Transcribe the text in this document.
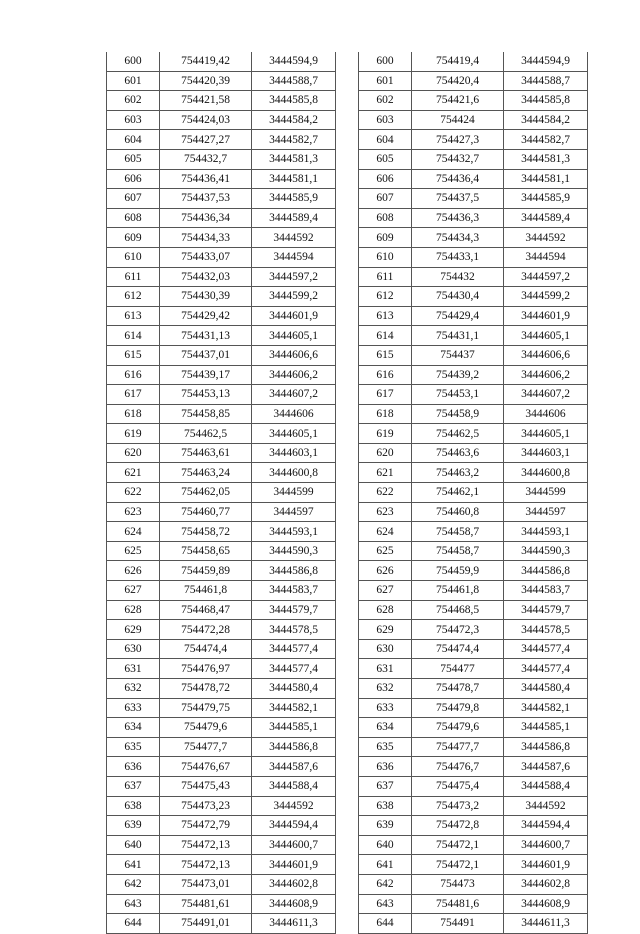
600	754419,42	3444594,9
601	754420,39	3444588,7
602	754421,58	3444585,8
603	754424,03	3444584,2
604	754427,27	3444582,7
605	754432,7	3444581,3
606	754436,41	3444581,1
607	754437,53	3444585,9
608	754436,34	3444589,4
609	754434,33	3444592
610	754433,07	3444594
611	754432,03	3444597,2
612	754430,39	3444599,2
613	754429,42	3444601,9
614	754431,13	3444605,1
615	754437,01	3444606,6
616	754439,17	3444606,2
617	754453,13	3444607,2
618	754458,85	3444606
619	754462,5	3444605,1
620	754463,61	3444603,1
621	754463,24	3444600,8
622	754462,05	3444599
623	754460,77	3444597
624	754458,72	3444593,1
625	754458,65	3444590,3
626	754459,89	3444586,8
627	754461,8	3444583,7
628	754468,47	3444579,7
629	754472,28	3444578,5
630	754474,4	3444577,4
631	754476,97	3444577,4
632	754478,72	3444580,4
633	754479,75	3444582,1
634	754479,6	3444585,1
635	754477,7	3444586,8
636	754476,67	3444587,6
637	754475,43	3444588,4
638	754473,23	3444592
639	754472,79	3444594,4
640	754472,13	3444600,7
641	754472,13	3444601,9
642	754473,01	3444602,8
643	754481,61	3444608,9
644	754491,01	3444611,3
600	754419,4	3444594,9
601	754420,4	3444588,7
602	754421,6	3444585,8
603	754424	3444584,2
604	754427,3	3444582,7
605	754432,7	3444581,3
606	754436,4	3444581,1
607	754437,5	3444585,9
608	754436,3	3444589,4
609	754434,3	3444592
610	754433,1	3444594
611	754432	3444597,2
612	754430,4	3444599,2
613	754429,4	3444601,9
614	754431,1	3444605,1
615	754437	3444606,6
616	754439,2	3444606,2
617	754453,1	3444607,2
618	754458,9	3444606
619	754462,5	3444605,1
620	754463,6	3444603,1
621	754463,2	3444600,8
622	754462,1	3444599
623	754460,8	3444597
624	754458,7	3444593,1
625	754458,7	3444590,3
626	754459,9	3444586,8
627	754461,8	3444583,7
628	754468,5	3444579,7
629	754472,3	3444578,5
630	754474,4	3444577,4
631	754477	3444577,4
632	754478,7	3444580,4
633	754479,8	3444582,1
634	754479,6	3444585,1
635	754477,7	3444586,8
636	754476,7	3444587,6
637	754475,4	3444588,4
638	754473,2	3444592
639	754472,8	3444594,4
640	754472,1	3444600,7
641	754472,1	3444601,9
642	754473	3444602,8
643	754481,6	3444608,9
644	754491	3444611,3
